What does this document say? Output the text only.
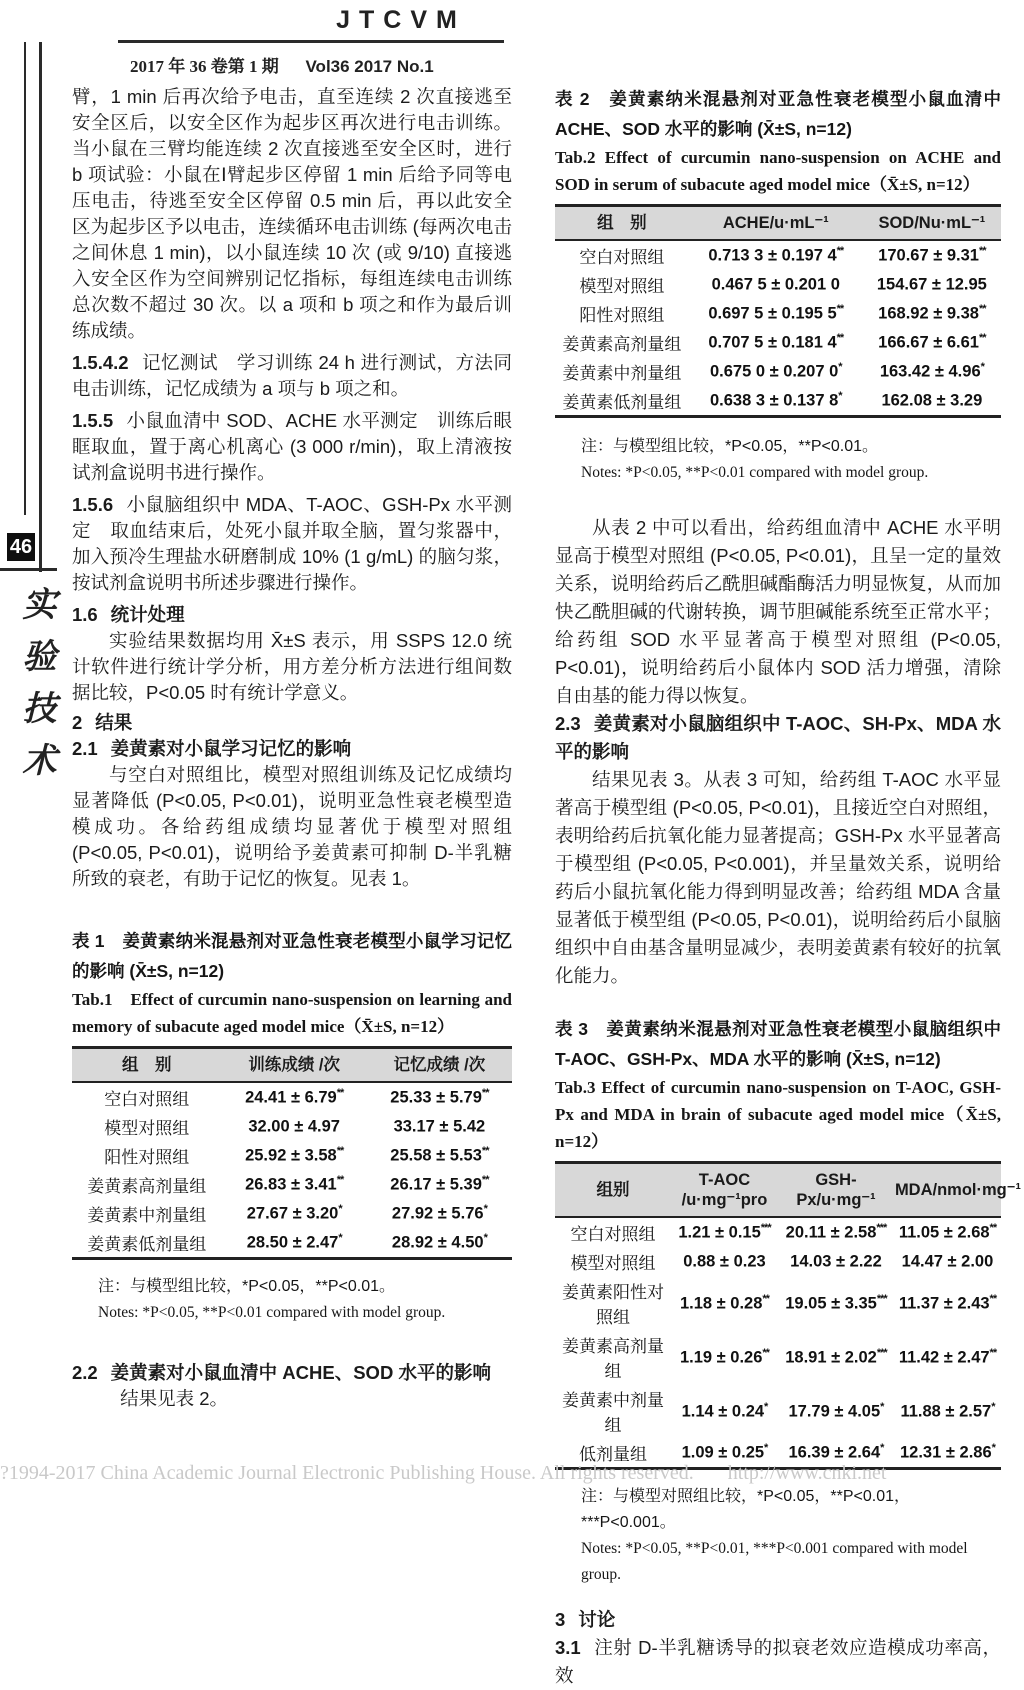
JTCVM
2017 年 36 卷第 1 期 Vol36 2017 No.1
46
实验技术

臂，1 min 后再次给予电击，直至连续 2 次直接逃至安全区后，以安全区作为起步区再次进行电击训练。当小鼠在三臂均能连续 2 次直接逃至安全区时，进行 b 项试验：小鼠在Ⅰ臂起步区停留 1 min 后给予同等电压电击，待逃至安全区停留 0.5 min 后，再以此安全区为起步区予以电击，连续循环电击训练 (每两次电击之间休息 1 min)，以小鼠连续 10 次 (或 9/10) 直接逃入安全区作为空间辨别记忆指标，每组连续电击训练总次数不超过 30 次。以 a 项和 b 项之和作为最后训练成绩。

1.5.4.2 记忆测试　学习训练 24 h 进行测试，方法同电击训练，记忆成绩为 a 项与 b 项之和。

1.5.5 小鼠血清中 SOD、ACHE 水平测定　训练后眼眶取血，置于离心机离心 (3 000 r/min)，取上清液按试剂盒说明书进行操作。

1.5.6 小鼠脑组织中 MDA、T-AOC、GSH-Px 水平测定　取血结束后，处死小鼠并取全脑，置匀浆器中，加入预冷生理盐水研磨制成 10% (1 g/mL) 的脑匀浆，按试剂盒说明书所述步骤进行操作。

1.6 统计处理

实验结果数据均用 X̄±S 表示，用 SSPS 12.0 统计软件进行统计学分析，用方差分析方法进行组间数据比较，P<0.05 时有统计学意义。

2 结果

2.1 姜黄素对小鼠学习记忆的影响

与空白对照组比，模型对照组训练及记忆成绩均显著降低 (P<0.05, P<0.01)，说明亚急性衰老模型造模成功。各给药组成绩均显著优于模型对照组 (P<0.05, P<0.01)，说明给予姜黄素可抑制 D-半乳糖所致的衰老，有助于记忆的恢复。见表 1。

表 1　姜黄素纳米混悬剂对亚急性衰老模型小鼠学习记忆的影响 (X̄±S, n=12)
Tab.1　Effect of curcumin nano-suspension on learning and memory of subacute aged model mice（X̄±S, n=12）
组　别	训练成绩 /次	记忆成绩 /次
空白对照组	24.41 ± 6.79**	25.33 ± 5.79**
模型对照组	32.00 ± 4.97	33.17 ± 5.42
阳性对照组	25.92 ± 3.58**	25.58 ± 5.53**
姜黄素高剂量组	26.83 ± 3.41**	26.17 ± 5.39**
姜黄素中剂量组	27.67 ± 3.20*	27.92 ± 5.76*
姜黄素低剂量组	28.50 ± 2.47*	28.92 ± 4.50*
注：与模型组比较，*P<0.05，**P<0.01。
Notes: *P<0.05, **P<0.01 compared with model group.

2.2 姜黄素对小鼠血清中 ACHE、SOD 水平的影响

结果见表 2。

表 2　姜黄素纳米混悬剂对亚急性衰老模型小鼠血清中 ACHE、SOD 水平的影响 (X̄±S, n=12)
Tab.2 Effect of curcumin nano-suspension on ACHE and SOD in serum of subacute aged model mice（X̄±S, n=12）
组　别	ACHE/u·mL⁻¹	SOD/Nu·mL⁻¹
空白对照组	0.713 3 ± 0.197 4**	170.67 ± 9.31**
模型对照组	0.467 5 ± 0.201 0	154.67 ± 12.95
阳性对照组	0.697 5 ± 0.195 5**	168.92 ± 9.38**
姜黄素高剂量组	0.707 5 ± 0.181 4**	166.67 ± 6.61**
姜黄素中剂量组	0.675 0 ± 0.207 0*	163.42 ± 4.96*
姜黄素低剂量组	0.638 3 ± 0.137 8*	162.08 ± 3.29
注：与模型组比较，*P<0.05，**P<0.01。
Notes: *P<0.05, **P<0.01 compared with model group.

从表 2 中可以看出，给药组血清中 ACHE 水平明显高于模型对照组 (P<0.05, P<0.01)，且呈一定的量效关系，说明给药后乙酰胆碱酯酶活力明显恢复，从而加快乙酰胆碱的代谢转换，调节胆碱能系统至正常水平；给药组 SOD 水平显著高于模型对照组 (P<0.05, P<0.01)，说明给药后小鼠体内 SOD 活力增强，清除自由基的能力得以恢复。

2.3 姜黄素对小鼠脑组织中 T-AOC、SH-Px、MDA 水平的影响

结果见表 3。从表 3 可知，给药组 T-AOC 水平显著高于模型组 (P<0.05, P<0.01)，且接近空白对照组，表明给药后抗氧化能力显著提高；GSH-Px 水平显著高于模型组 (P<0.05, P<0.001)，并呈量效关系，说明给药后小鼠抗氧化能力得到明显改善；给药组 MDA 含量显著低于模型组 (P<0.05, P<0.01)，说明给药后小鼠脑组织中自由基含量明显减少，表明姜黄素有较好的抗氧化能力。

表 3　姜黄素纳米混悬剂对亚急性衰老模型小鼠脑组织中 T-AOC、GSH-Px、MDA 水平的影响 (X̄±S, n=12)
Tab.3 Effect of curcumin nano-suspension on T-AOC, GSH-Px and MDA in brain of subacute aged model mice（X̄±S, n=12）
组别	T-AOC
/u·mg⁻¹pro	GSH-Px/u·mg⁻¹	MDA/nmol·mg⁻¹
空白对照组	1.21 ± 0.15***	20.11 ± 2.58***	11.05 ± 2.68**
模型对照组	0.88 ± 0.23	14.03 ± 2.22	14.47 ± 2.00
姜黄素阳性对照组	1.18 ± 0.28**	19.05 ± 3.35***	11.37 ± 2.43**
姜黄素高剂量组	1.19 ± 0.26**	18.91 ± 2.02***	11.42 ± 2.47**
姜黄素中剂量组	1.14 ± 0.24*	17.79 ± 4.05*	11.88 ± 2.57*
低剂量组	1.09 ± 0.25*	16.39 ± 2.64*	12.31 ± 2.86*
注：与模型对照组比较，*P<0.05，**P<0.01，***P<0.001。
Notes: *P<0.05, **P<0.01, ***P<0.001 compared with model group.

3 讨论

3.1 注射 D-半乳糖诱导的拟衰老效应造模成功率高，效

?1994-2017 China Academic Journal Electronic Publishing House. All rights reserved. http://www.cnki.net
